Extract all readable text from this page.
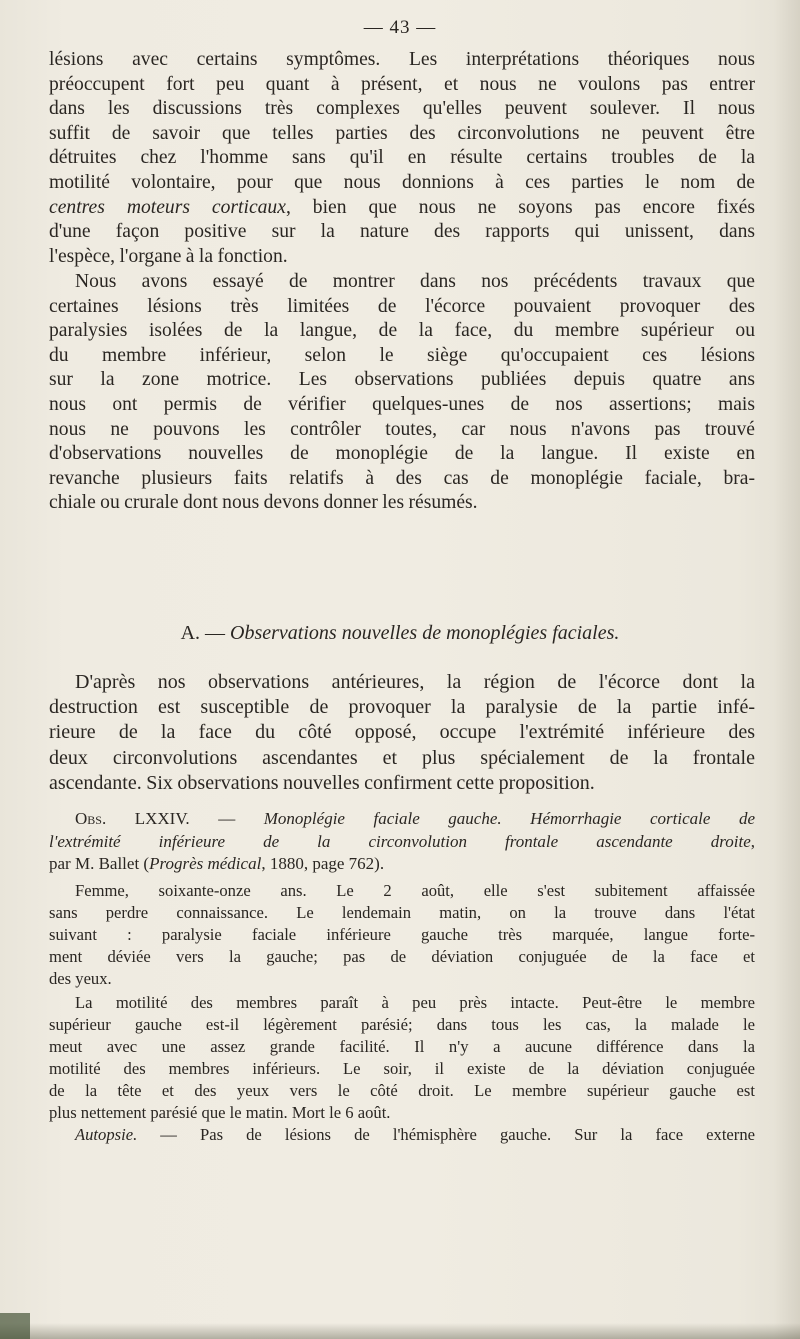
— 43 —
lésions avec certains symptômes. Les interprétations théoriques nous
préoccupent fort peu quant à présent, et nous ne voulons pas entrer
dans les discussions très complexes qu'elles peuvent soulever. Il nous
suffit de savoir que telles parties des circonvolutions ne peuvent être
détruites chez l'homme sans qu'il en résulte certains troubles de la
motilité volontaire, pour que nous donnions à ces parties le nom de
centres moteurs corticaux, bien que nous ne soyons pas encore fixés
d'une façon positive sur la nature des rapports qui unissent, dans
l'espèce, l'organe à la fonction.
Nous avons essayé de montrer dans nos précédents travaux que
certaines lésions très limitées de l'écorce pouvaient provoquer des
paralysies isolées de la langue, de la face, du membre supérieur ou
du membre inférieur, selon le siège qu'occupaient ces lésions
sur la zone motrice. Les observations publiées depuis quatre ans
nous ont permis de vérifier quelques-unes de nos assertions; mais
nous ne pouvons les contrôler toutes, car nous n'avons pas trouvé
d'observations nouvelles de monoplégie de la langue. Il existe en
revanche plusieurs faits relatifs à des cas de monoplégie faciale, bra-
chiale ou crurale dont nous devons donner les résumés.
A. — Observations nouvelles de monoplégies faciales.
D'après nos observations antérieures, la région de l'écorce dont la
destruction est susceptible de provoquer la paralysie de la partie infé-
rieure de la face du côté opposé, occupe l'extrémité inférieure des
deux circonvolutions ascendantes et plus spécialement de la frontale
ascendante. Six observations nouvelles confirment cette proposition.
Obs. LXXIV. — Monoplégie faciale gauche. Hémorrhagie corticale de
l'extrémité inférieure de la circonvolution frontale ascendante droite,
par M. Ballet (Progrès médical, 1880, page 762).
Femme, soixante-onze ans. Le 2 août, elle s'est subitement affaissée
sans perdre connaissance. Le lendemain matin, on la trouve dans l'état
suivant : paralysie faciale inférieure gauche très marquée, langue forte-
ment déviée vers la gauche; pas de déviation conjuguée de la face et
des yeux.
La motilité des membres paraît à peu près intacte. Peut-être le membre
supérieur gauche est-il légèrement parésié; dans tous les cas, la malade le
meut avec une assez grande facilité. Il n'y a aucune différence dans la
motilité des membres inférieurs. Le soir, il existe de la déviation conjuguée
de la tête et des yeux vers le côté droit. Le membre supérieur gauche est
plus nettement parésié que le matin. Mort le 6 août.
Autopsie. — Pas de lésions de l'hémisphère gauche. Sur la face externe
